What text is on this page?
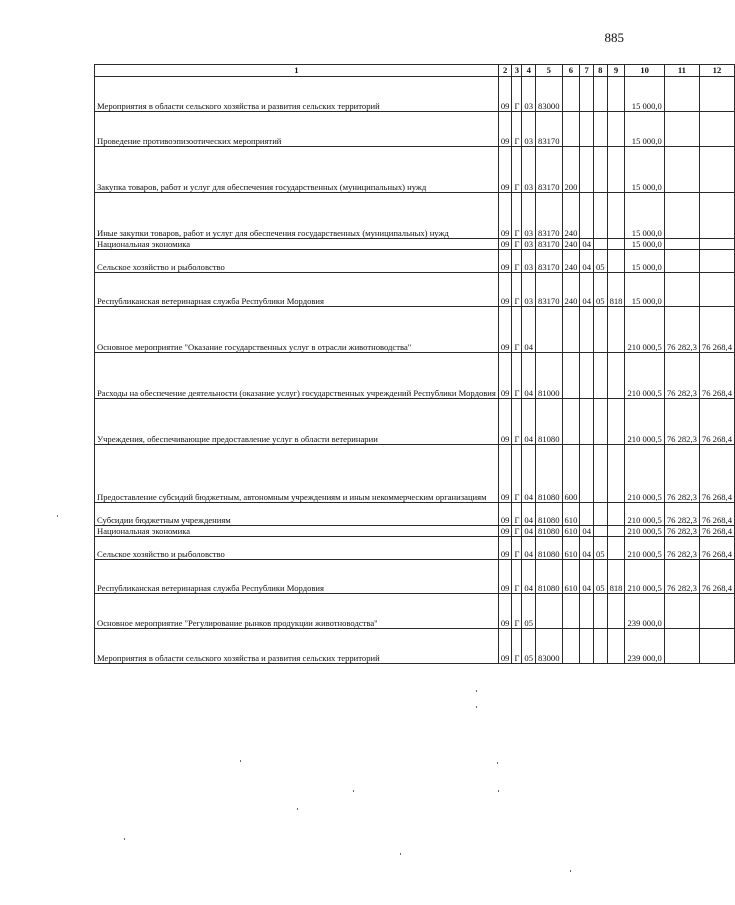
885
1	2	3	4	5	6	7	8	9	10	11	12
Мероприятия в области сельского хозяйства и развития сельских территорий	09	Г	03	83000					15 000,0		
Проведение противоэпизоотических мероприятий	09	Г	03	83170					15 000,0		
Закупка товаров, работ и услуг для обеспечения государственных (муниципальных) нужд	09	Г	03	83170	200				15 000,0		
Иные закупки товаров, работ и услуг для обеспечения государственных (муниципальных) нужд	09	Г	03	83170	240				15 000,0		
Национальная экономика	09	Г	03	83170	240	04			15 000,0		
Сельское хозяйство и рыболовство	09	Г	03	83170	240	04	05		15 000,0		
Республиканская ветеринарная служба Республики Мордовия	09	Г	03	83170	240	04	05	818	15 000,0		
Основное мероприятие "Оказание государственных услуг в отрасли животноводства"	09	Г	04						210 000,5	76 282,3	76 268,4
Расходы на обеспечение деятельности (оказание услуг) государственных учреждений Республики Мордовия	09	Г	04	81000					210 000,5	76 282,3	76 268,4
Учреждения, обеспечивающие предоставление услуг в области ветеринарии	09	Г	04	81080					210 000,5	76 282,3	76 268,4
Предоставление субсидий бюджетным, автономным учреждениям и иным некоммерческим организациям	09	Г	04	81080	600				210 000,5	76 282,3	76 268,4
Субсидии бюджетным учреждениям	09	Г	04	81080	610				210 000,5	76 282,3	76 268,4
Национальная экономика	09	Г	04	81080	610	04			210 000,5	76 282,3	76 268,4
Сельское хозяйство и рыболовство	09	Г	04	81080	610	04	05		210 000,5	76 282,3	76 268,4
Республиканская ветеринарная служба Республики Мордовия	09	Г	04	81080	610	04	05	818	210 000,5	76 282,3	76 268,4
Основное мероприятие "Регулирование рынков продукции животноводства"	09	Г	05						239 000,0		
Мероприятия в области сельского хозяйства и развития сельских территорий	09	Г	05	83000					239 000,0		
